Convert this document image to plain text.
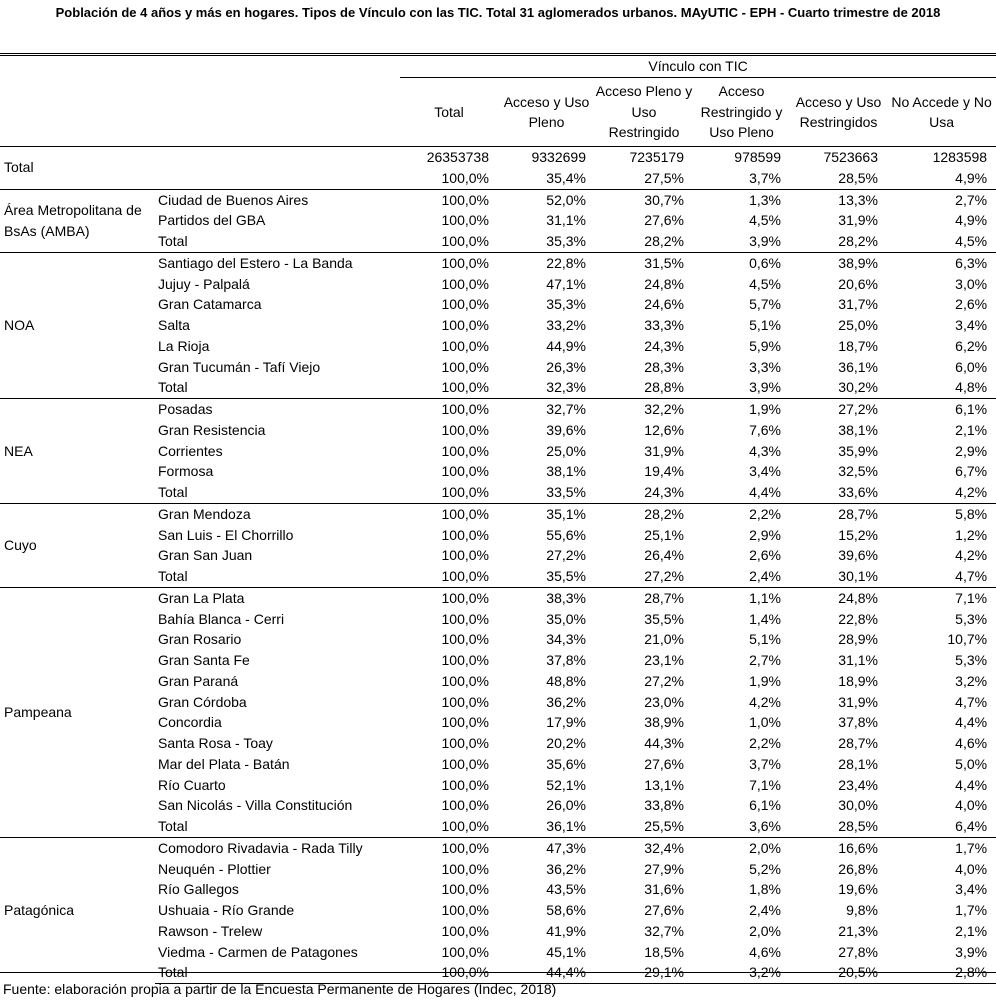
Población de 4 años y más en hogares. Tipos de Vínculo con las TIC. Total 31 aglomerados urbanos. MAyUTIC - EPH - Cuarto trimestre de 2018
		Vínculo con TIC					
		Total	Acceso y Uso Pleno	Acceso Pleno y Uso Restringido	Acceso Restringido y Uso Pleno	Acceso y Uso Restringidos	No Accede y No Usa
Total		26353738	9332699	7235179	978599	7523663	1283598
		100,0%	35,4%	27,5%	3,7%	28,5%	4,9%
Área Metropolitana de BsAs (AMBA)	Ciudad de Buenos Aires	100,0%	52,0%	30,7%	1,3%	13,3%	2,7%
	Partidos del GBA	100,0%	31,1%	27,6%	4,5%	31,9%	4,9%
	Total	100,0%	35,3%	28,2%	3,9%	28,2%	4,5%
NOA	Santiago del Estero - La Banda	100,0%	22,8%	31,5%	0,6%	38,9%	6,3%
	Jujuy - Palpalá	100,0%	47,1%	24,8%	4,5%	20,6%	3,0%
	Gran Catamarca	100,0%	35,3%	24,6%	5,7%	31,7%	2,6%
	Salta	100,0%	33,2%	33,3%	5,1%	25,0%	3,4%
	La Rioja	100,0%	44,9%	24,3%	5,9%	18,7%	6,2%
	Gran Tucumán - Tafí Viejo	100,0%	26,3%	28,3%	3,3%	36,1%	6,0%
	Total	100,0%	32,3%	28,8%	3,9%	30,2%	4,8%
NEA	Posadas	100,0%	32,7%	32,2%	1,9%	27,2%	6,1%
	Gran Resistencia	100,0%	39,6%	12,6%	7,6%	38,1%	2,1%
	Corrientes	100,0%	25,0%	31,9%	4,3%	35,9%	2,9%
	Formosa	100,0%	38,1%	19,4%	3,4%	32,5%	6,7%
	Total	100,0%	33,5%	24,3%	4,4%	33,6%	4,2%
Cuyo	Gran Mendoza	100,0%	35,1%	28,2%	2,2%	28,7%	5,8%
	San Luis - El Chorrillo	100,0%	55,6%	25,1%	2,9%	15,2%	1,2%
	Gran San Juan	100,0%	27,2%	26,4%	2,6%	39,6%	4,2%
	Total	100,0%	35,5%	27,2%	2,4%	30,1%	4,7%
Pampeana	Gran La Plata	100,0%	38,3%	28,7%	1,1%	24,8%	7,1%
	Bahía Blanca - Cerri	100,0%	35,0%	35,5%	1,4%	22,8%	5,3%
	Gran Rosario	100,0%	34,3%	21,0%	5,1%	28,9%	10,7%
	Gran Santa Fe	100,0%	37,8%	23,1%	2,7%	31,1%	5,3%
	Gran Paraná	100,0%	48,8%	27,2%	1,9%	18,9%	3,2%
	Gran Córdoba	100,0%	36,2%	23,0%	4,2%	31,9%	4,7%
	Concordia	100,0%	17,9%	38,9%	1,0%	37,8%	4,4%
	Santa Rosa - Toay	100,0%	20,2%	44,3%	2,2%	28,7%	4,6%
	Mar del Plata - Batán	100,0%	35,6%	27,6%	3,7%	28,1%	5,0%
	Río Cuarto	100,0%	52,1%	13,1%	7,1%	23,4%	4,4%
	San Nicolás - Villa Constitución	100,0%	26,0%	33,8%	6,1%	30,0%	4,0%
	Total	100,0%	36,1%	25,5%	3,6%	28,5%	6,4%
Patagónica	Comodoro Rivadavia - Rada Tilly	100,0%	47,3%	32,4%	2,0%	16,6%	1,7%
	Neuquén - Plottier	100,0%	36,2%	27,9%	5,2%	26,8%	4,0%
	Río Gallegos	100,0%	43,5%	31,6%	1,8%	19,6%	3,4%
	Ushuaia - Río Grande	100,0%	58,6%	27,6%	2,4%	9,8%	1,7%
	Rawson - Trelew	100,0%	41,9%	32,7%	2,0%	21,3%	2,1%
	Viedma - Carmen de Patagones	100,0%	45,1%	18,5%	4,6%	27,8%	3,9%
	Total	100,0%	44,4%	29,1%	3,2%	20,5%	2,8%
Fuente: elaboración propia a partir de la Encuesta Permanente de Hogares (Indec, 2018)
